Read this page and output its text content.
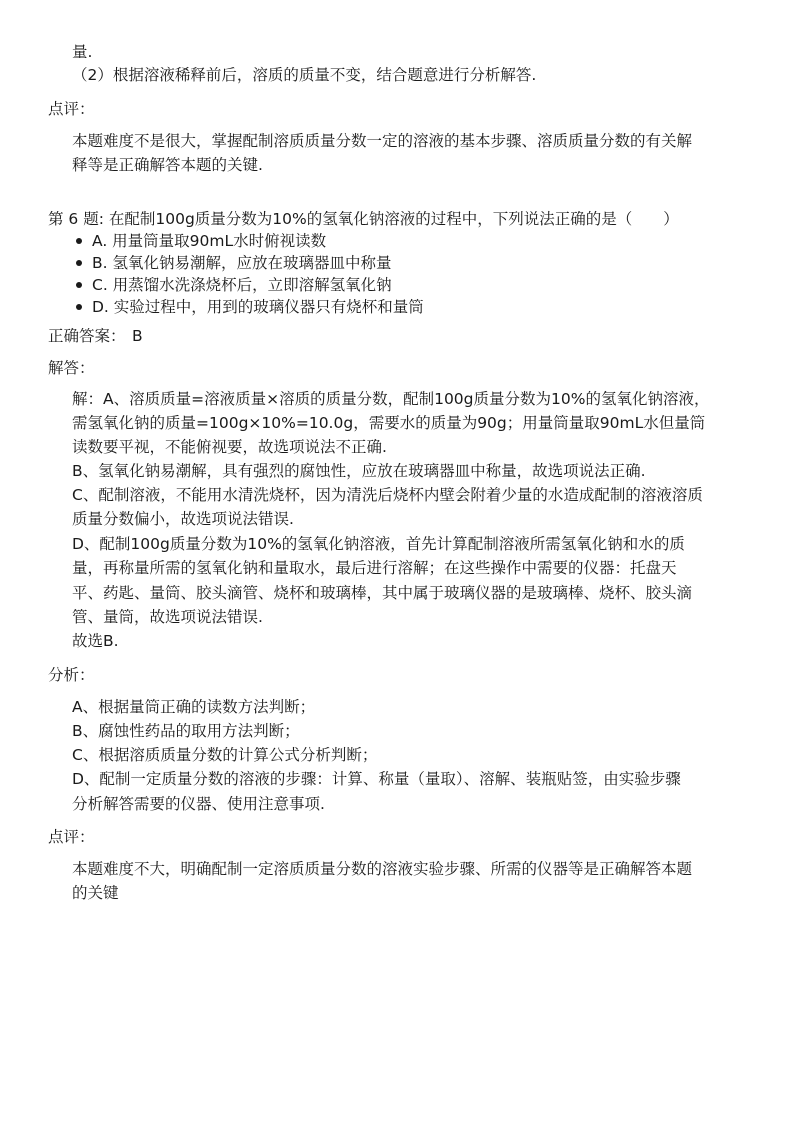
量.
（2）根据溶液稀释前后，溶质的质量不变，结合题意进行分析解答.
点评：
本题难度不是很大，掌握配制溶质质量分数一定的溶液的基本步骤、溶质质量分数的有关解
释等是正确解答本题的关键.
第 6 题: 在配制100g质量分数为10%的氢氧化钠溶液的过程中，下列说法正确的是（　　）
A. 用量筒量取90mL水时俯视读数
B. 氢氧化钠易潮解，应放在玻璃器皿中称量
C. 用蒸馏水洗涤烧杯后，立即溶解氢氧化钠
D. 实验过程中，用到的玻璃仪器只有烧杯和量筒
正确答案： B
解答：
解：A、溶质质量=溶液质量×溶质的质量分数，配制100g质量分数为10%的氢氧化钠溶液，
需氢氧化钠的质量=100g×10%=10.0g，需要水的质量为90g；用量筒量取90mL水但量筒
读数要平视，不能俯视要，故选项说法不正确.
B、氢氧化钠易潮解，具有强烈的腐蚀性，应放在玻璃器皿中称量，故选项说法正确.
C、配制溶液，不能用水清洗烧杯，因为清洗后烧杯内壁会附着少量的水造成配制的溶液溶质
质量分数偏小，故选项说法错误.
D、配制100g质量分数为10%的氢氧化钠溶液，首先计算配制溶液所需氢氧化钠和水的质
量，再称量所需的氢氧化钠和量取水，最后进行溶解；在这些操作中需要的仪器：托盘天
平、药匙、量筒、胶头滴管、烧杯和玻璃棒，其中属于玻璃仪器的是玻璃棒、烧杯、胶头滴
管、量筒，故选项说法错误.
故选B.
分析：
A、根据量筒正确的读数方法判断；
B、腐蚀性药品的取用方法判断；
C、根据溶质质量分数的计算公式分析判断；
D、配制一定质量分数的溶液的步骤：计算、称量（量取）、溶解、装瓶贴签，由实验步骤
分析解答需要的仪器、使用注意事项.
点评：
本题难度不大，明确配制一定溶质质量分数的溶液实验步骤、所需的仪器等是正确解答本题
的关键
